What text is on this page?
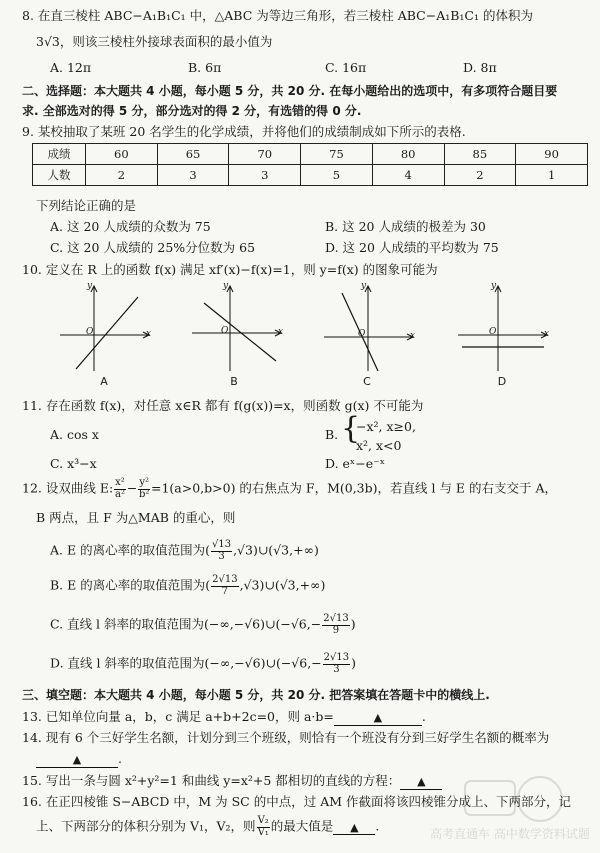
8. 在直三棱柱 ABC−A₁B₁C₁ 中，△ABC 为等边三角形，若三棱柱 ABC−A₁B₁C₁ 的体积为
3√3，则该三棱柱外接球表面积的最小值为
A. 12π	B. 6π	C. 16π	D. 8π
二、选择题：本大题共 4 小题，每小题 5 分，共 20 分. 在每小题给出的选项中，有多项符合题目要
求. 全部选对的得 5 分，部分选对的得 2 分，有选错的得 0 分.
9. 某校抽取了某班 20 名学生的化学成绩，并将他们的成绩制成如下所示的表格.
成绩	60	65	70	75	80	85	90
人数	2	3	3	5	4	2	1
下列结论正确的是
A. 这 20 人成绩的众数为 75	B. 这 20 人成绩的极差为 30
C. 这 20 人成绩的 25%分位数为 65	D. 这 20 人成绩的平均数为 75
10. 定义在 R 上的函数 f(x) 满足 xf′(x)−f(x)=1，则 y=f(x) 的图象可能为
y
x
O
A
y
x
O
B
y
x
O
C
y
x
O
D
11. 存在函数 f(x)，对任意 x∈R 都有 f(g(x))=x，则函数 g(x) 不可能为
A. cos x	B. {
−x², x≥0,
x², x<0
C. x³−x	D. eˣ−e⁻ˣ
12. 设双曲线 E: $\frac{\text{x²}}{\text{a²}} - \frac{\text{y²}}{\text{b²}} =1(a>0,b>0)$ 的右焦点为 F，M(0,3b)，若直线 l 与 E 的右支交于 A，
B 两点，且 F 为△MAB 的重心，则
A. E 的离心率的取值范围为( $\frac{√13}{3}$ ,√3)∪(√3,+∞)
B. E 的离心率的取值范围为( $\frac{2√13}{7}$ ,√3)∪(√3,+∞)
C. 直线 l 斜率的取值范围为(−∞,−√6)∪(−√6,− $\frac{2√13}{9}$ )
D. 直线 l 斜率的取值范围为(−∞,−√6)∪(−√6,− $\frac{2√13}{3}$ )
三、填空题：本大题共 4 小题，每小题 5 分，共 20 分. 把答案填在答题卡中的横线上.
13. 已知单位向量 a，b，c 满足 a+b+2c=0，则 a·b=	▲	.
14. 现有 6 个三好学生名额，计划分到三个班级，则恰有一个班没有分到三好学生名额的概率为
▲	.
15. 写出一条与圆 x²+y²=1 和曲线 y=x²+5 都相切的直线的方程： ▲
16. 在正四棱锥 S−ABCD 中，M 为 SC 的中点，过 AM 作截面将该四棱锥分成上、下两部分，记
上、下两部分的体积分别为 V₁，V₂，则 $\frac{\text{V₂}}{\text{V₁}}$ 的最大值是 ▲ .
高考直通车 高中数学资料试题
